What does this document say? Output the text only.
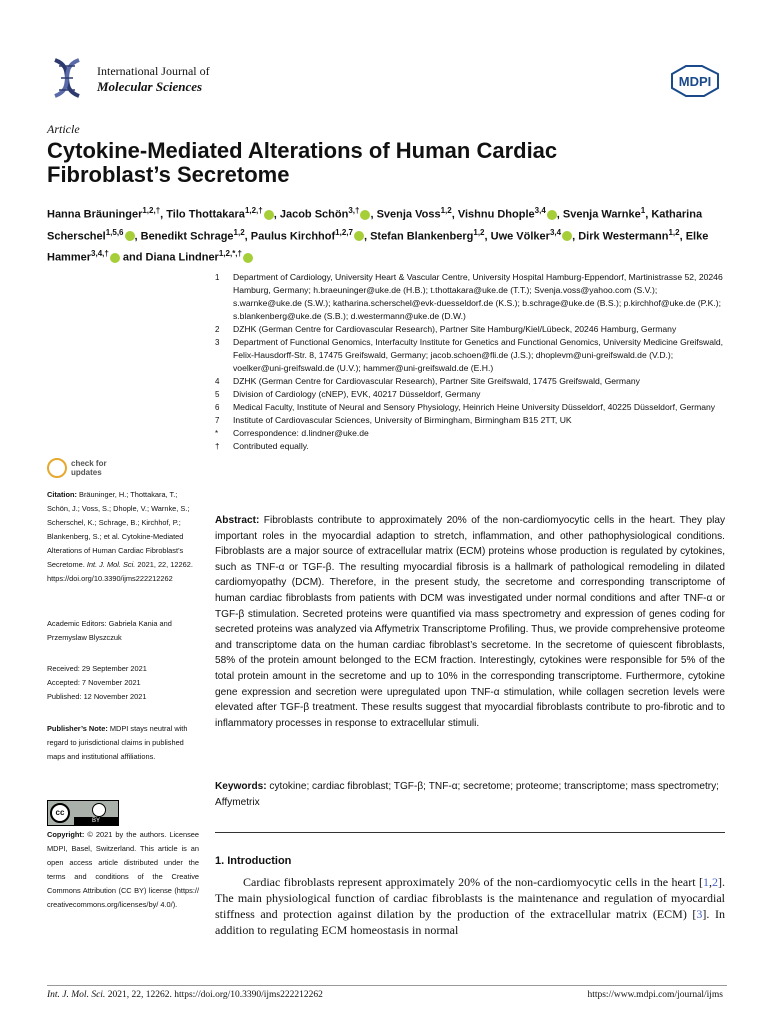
International Journal of
Molecular Sciences	MDPI
Article
Cytokine-Mediated Alterations of Human Cardiac
Fibroblast’s Secretome
Hanna Bräuninger$^{1,2,\dagger}$, Tilo Thottakara$^{1,2,\dagger}$ , Jacob Schön$^{3,\dagger}$ , Svenja Voss$^{1,2}$, Vishnu Dhople$^{3,4}$ , Svenja Warnke$^1$, Katharina Scherschel$^{1,5,6}$ , Benedikt Schrage$^{1,2}$, Paulus Kirchhof$^{1,2,7}$ , Stefan Blankenberg$^{1,2}$, Uwe Völker$^{3,4}$ , Dirk Westermann$^{1,2}$, Elke Hammer$^{3,4,\dagger}$ and Diana Lindner$^{1,2,*,\dagger}$
1	Department of Cardiology, University Heart & Vascular Centre, University Hospital Hamburg-Eppendorf, Martinistrasse 52, 20246 Hamburg, Germany; h.braeuninger@uke.de (H.B.); t.thottakara@uke.de (T.T.); Svenja.voss@yahoo.com (S.V.); s.warnke@uke.de (S.W.); katharina.scherschel@evk-duesseldorf.de (K.S.); b.schrage@uke.de (B.S.); p.kirchhof@uke.de (P.K.); s.blankenberg@uke.de (S.B.); d.westermann@uke.de (D.W.)
2	DZHK (German Centre for Cardiovascular Research), Partner Site Hamburg/Kiel/Lübeck, 20246 Hamburg, Germany
3	Department of Functional Genomics, Interfaculty Institute for Genetics and Functional Genomics, University Medicine Greifswald, Felix-Hausdorff-Str. 8, 17475 Greifswald, Germany; jacob.schoen@fli.de (J.S.); dhoplevm@uni-greifswald.de (V.D.); voelker@uni-greifswald.de (U.V.); hammer@uni-greifswald.de (E.H.)
4	DZHK (German Centre for Cardiovascular Research), Partner Site Greifswald, 17475 Greifswald, Germany
5	Division of Cardiology (cNEP), EVK, 40217 Düsseldorf, Germany
6	Medical Faculty, Institute of Neural and Sensory Physiology, Heinrich Heine University Düsseldorf, 40225 Düsseldorf, Germany
7	Institute of Cardiovascular Sciences, University of Birmingham, Birmingham B15 2TT, UK
*	Correspondence: d.lindner@uke.de
†	Contributed equally.
check for
updates
Citation: Bräuninger, H.; Thottakara, T.; Schön, J.; Voss, S.; Dhople, V.; Warnke, S.; Scherschel, K.; Schrage, B.; Kirchhof, P.; Blankenberg, S.; et al. Cytokine-Mediated Alterations of Human Cardiac Fibroblast’s Secretome. Int. J. Mol. Sci. 2021, 22, 12262. https://doi.org/10.3390/ijms222212262
Academic Editors: Gabriela Kania and Przemyslaw Blyszczuk
Received: 29 September 2021
Accepted: 7 November 2021
Published: 12 November 2021
Publisher’s Note: MDPI stays neutral with regard to jurisdictional claims in published maps and institutional affiliations.
cc
BY
Copyright: © 2021 by the authors. Licensee MDPI, Basel, Switzerland. This article is an open access article distributed under the terms and conditions of the Creative Commons Attribution (CC BY) license (https:// creativecommons.org/licenses/by/ 4.0/).
Abstract: Fibroblasts contribute to approximately 20% of the non-cardiomyocytic cells in the heart. They play important roles in the myocardial adaption to stretch, inflammation, and other pathophysiological conditions. Fibroblasts are a major source of extracellular matrix (ECM) proteins whose production is regulated by cytokines, such as TNF-α or TGF-β. The resulting myocardial fibrosis is a hallmark of pathological remodeling in dilated cardiomyopathy (DCM). Therefore, in the present study, the secretome and corresponding transcriptome of human cardiac fibroblasts from patients with DCM was investigated under normal conditions and after TNF-α or TGF-β stimulation. Secreted proteins were quantified via mass spectrometry and expression of genes coding for secreted proteins was analyzed via Affymetrix Transcriptome Profiling. Thus, we provide comprehensive proteome and transcriptome data on the human cardiac fibroblast’s secretome. In the secretome of quiescent fibroblasts, 58% of the protein amount belonged to the ECM fraction. Interestingly, cytokines were responsible for 5% of the total protein amount in the secretome and up to 10% in the corresponding transcriptome. Furthermore, cytokine gene expression and secretion were upregulated upon TNF-α stimulation, while collagen secretion levels were elevated after TGF-β treatment. These results suggest that myocardial fibroblasts contribute to pro-fibrotic and to inflammatory processes in response to extracellular stimuli.
Keywords: cytokine; cardiac fibroblast; TGF-β; TNF-α; secretome; proteome; transcriptome; mass spectrometry; Affymetrix
1. Introduction
Cardiac fibroblasts represent approximately 20% of the non-cardiomyocytic cells in the heart [1,2]. The main physiological function of cardiac fibroblasts is the maintenance and regulation of myocardial stiffness and protection against dilation by the production of the extracellular matrix (ECM) [3]. In addition to regulating ECM homeostasis in normal
Int. J. Mol. Sci. 2021, 22, 12262. https://doi.org/10.3390/ijms222212262	https://www.mdpi.com/journal/ijms
